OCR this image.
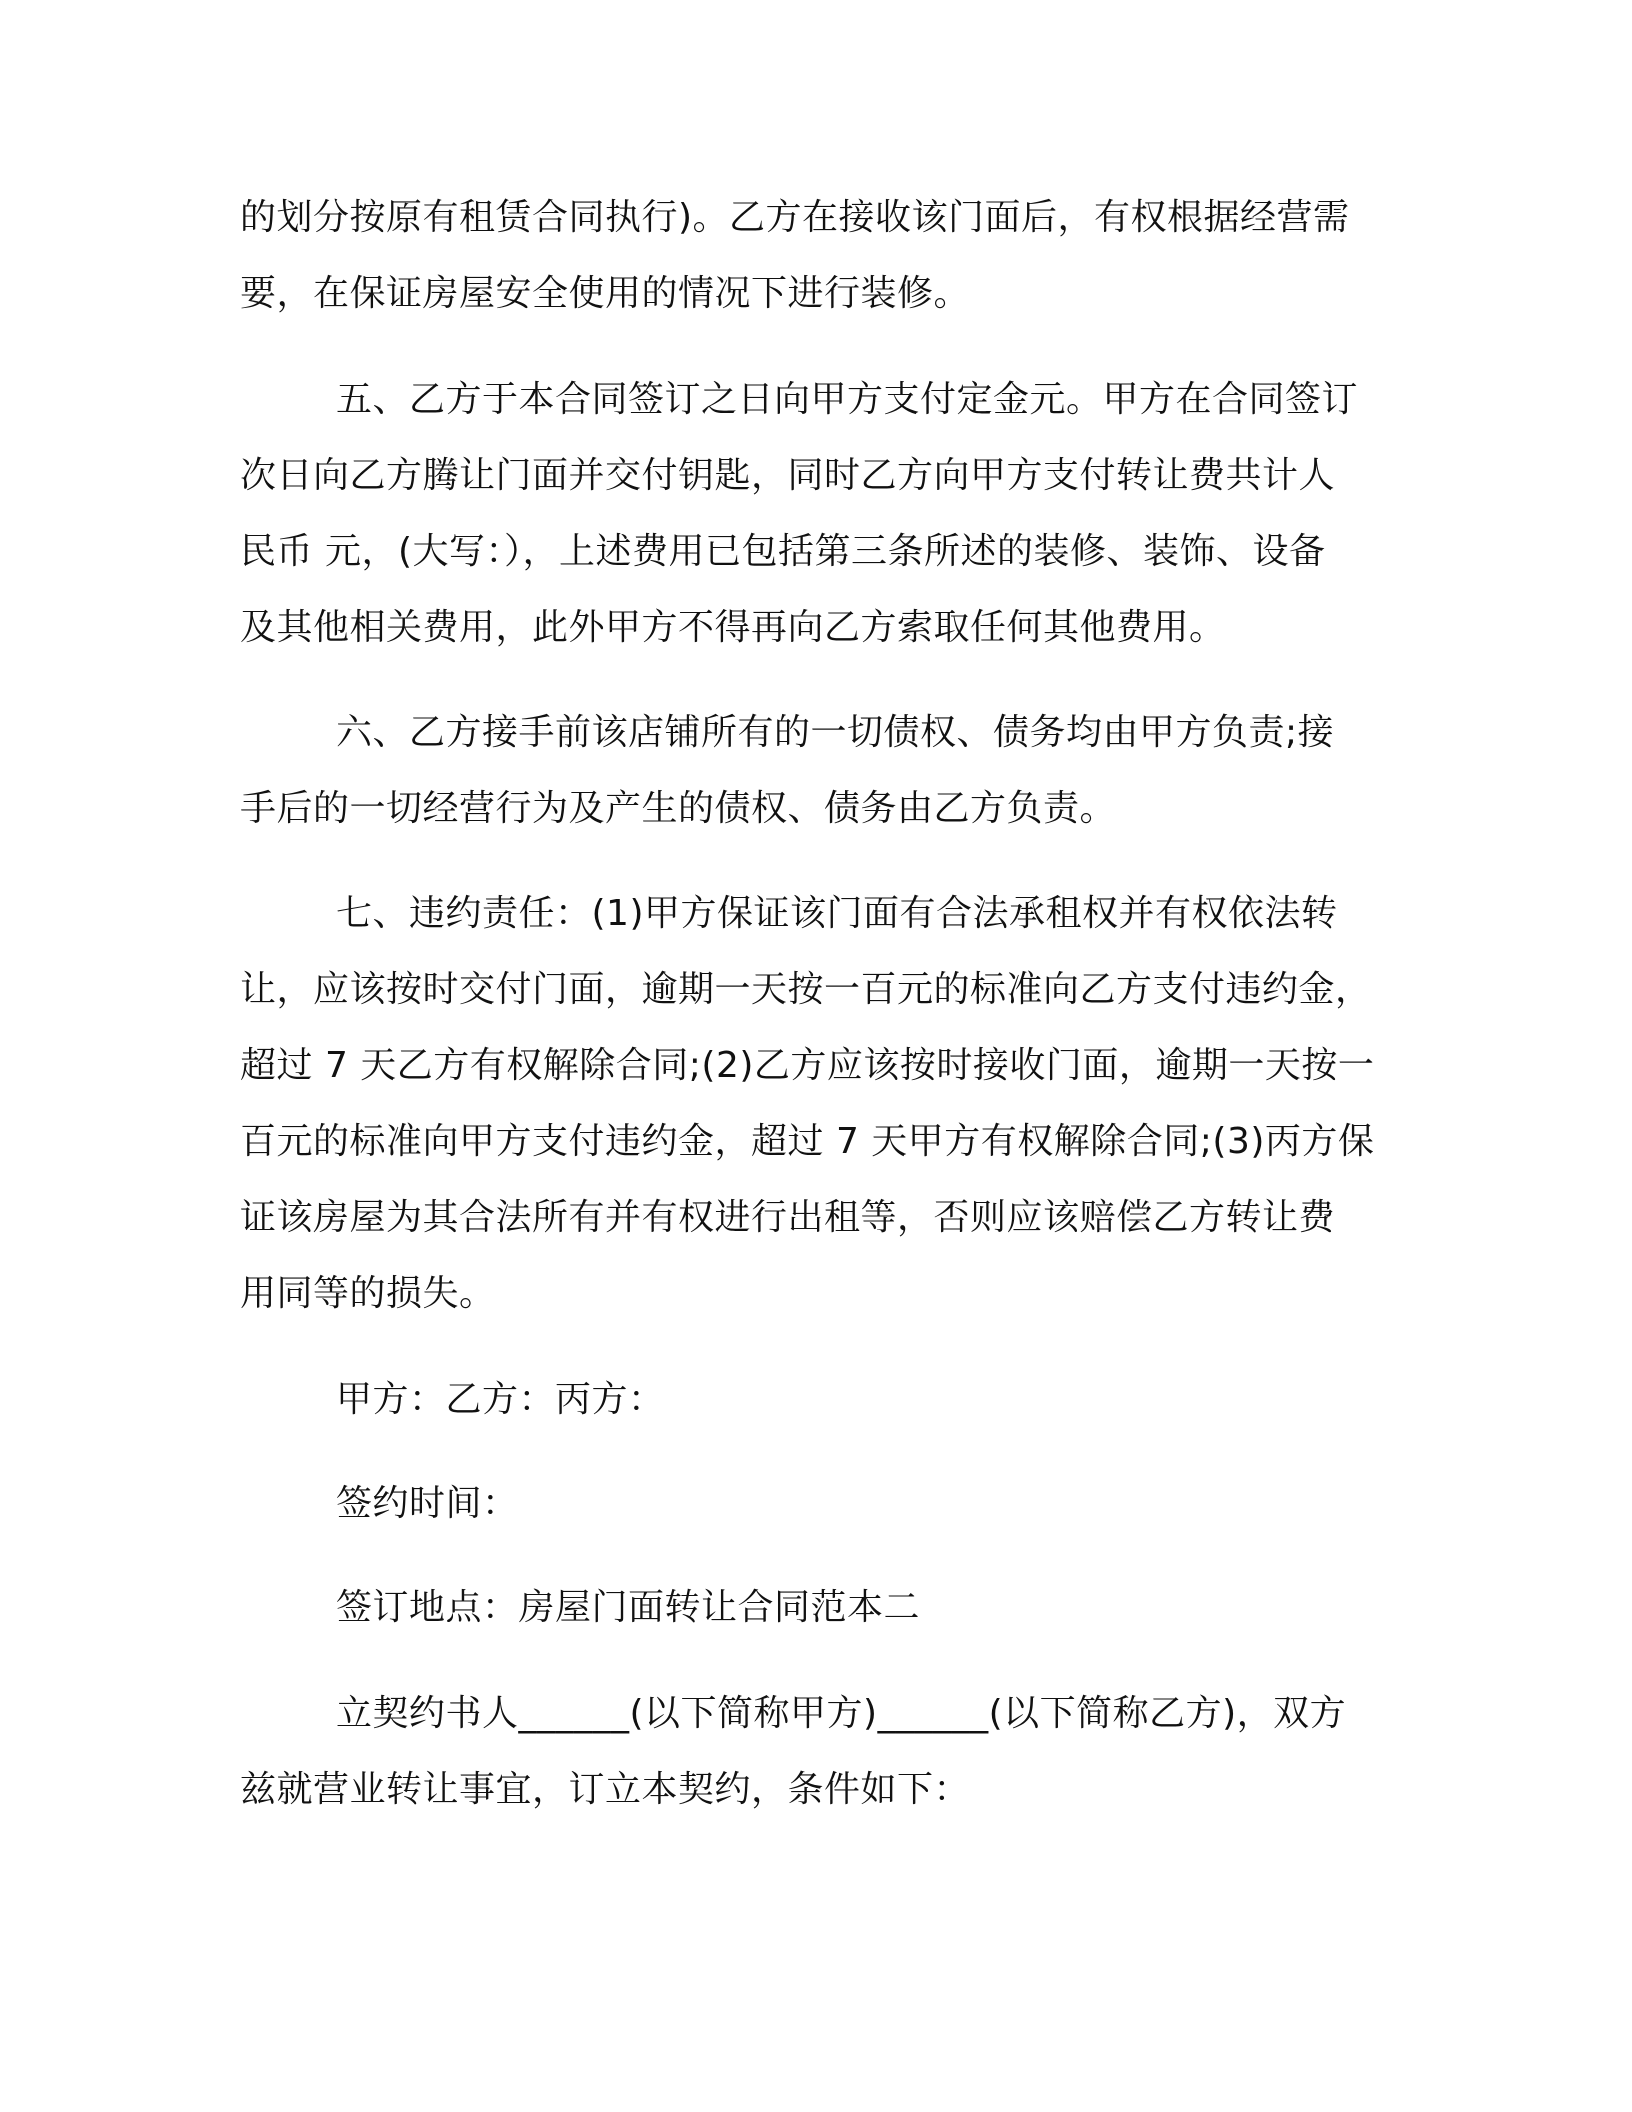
的划分按原有租赁合同执行)。乙方在接收该门面后，有权根据经营需
要，在保证房屋安全使用的情况下进行装修。

五、乙方于本合同签订之日向甲方支付定金元。甲方在合同签订
次日向乙方腾让门面并交付钥匙，同时乙方向甲方支付转让费共计人
民币 元，(大写：），上述费用已包括第三条所述的装修、装饰、设备
及其他相关费用，此外甲方不得再向乙方索取任何其他费用。

六、乙方接手前该店铺所有的一切债权、债务均由甲方负责;接
手后的一切经营行为及产生的债权、债务由乙方负责。

七、违约责任：(1)甲方保证该门面有合法承租权并有权依法转
让，应该按时交付门面，逾期一天按一百元的标准向乙方支付违约金，
超过 7 天乙方有权解除合同;(2)乙方应该按时接收门面，逾期一天按一
百元的标准向甲方支付违约金，超过 7 天甲方有权解除合同;(3)丙方保
证该房屋为其合法所有并有权进行出租等，否则应该赔偿乙方转让费
用同等的损失。

甲方：乙方：丙方：

签约时间：

签订地点：房屋门面转让合同范本二

立契约书人______(以下简称甲方)______(以下简称乙方)，双方
兹就营业转让事宜，订立本契约，条件如下：
